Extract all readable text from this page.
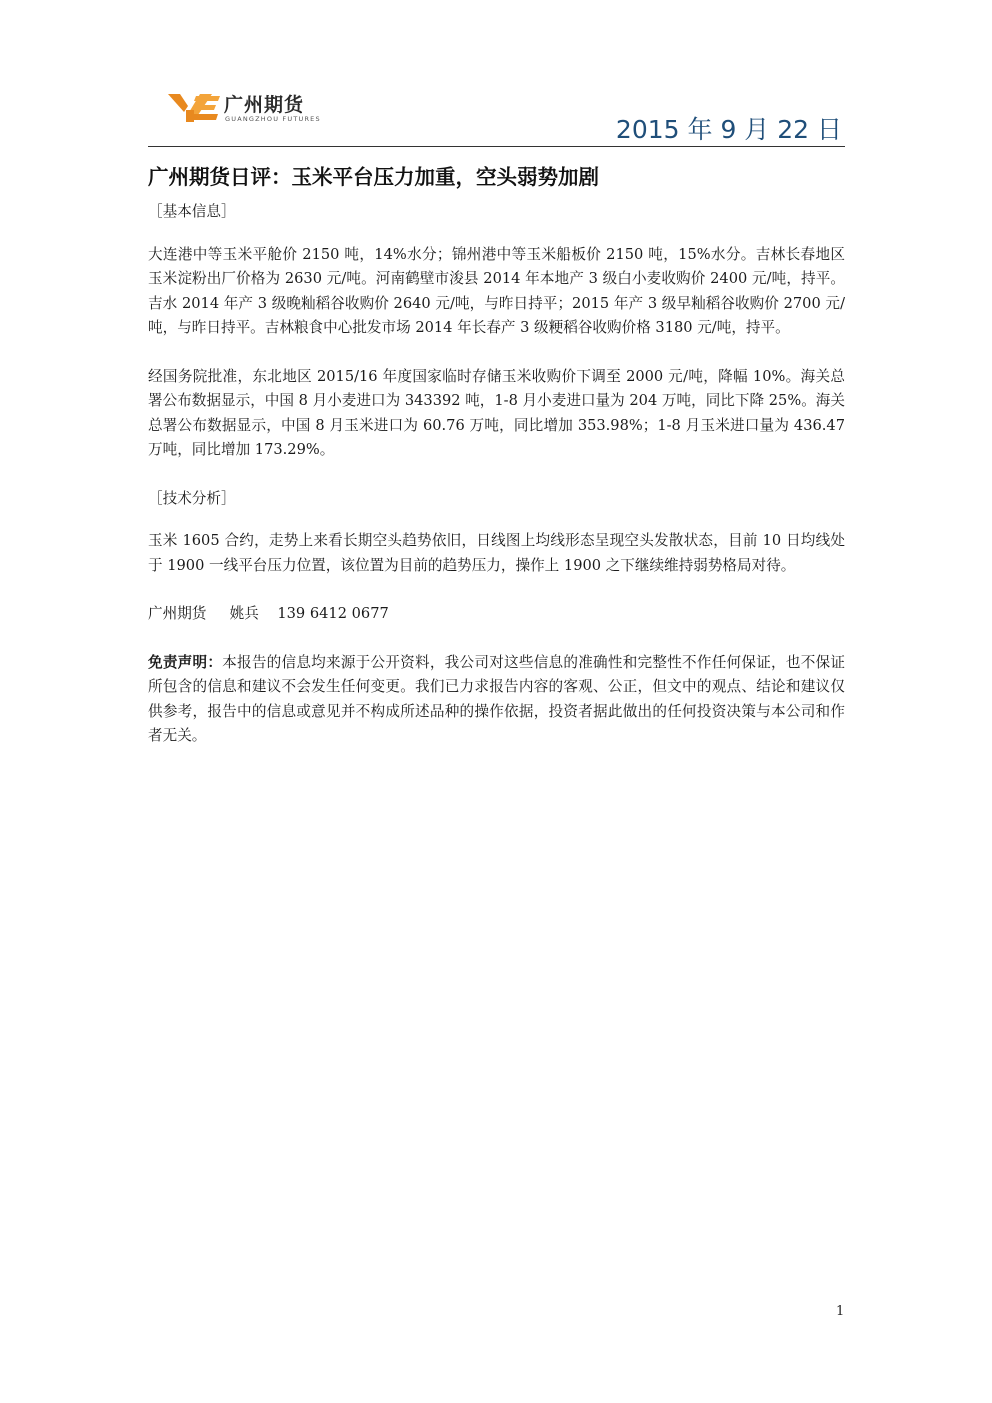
广州期货
GUANGZHOU FUTURES	2015 年 9 月 22 日
广州期货日评：玉米平台压力加重，空头弱势加剧

［基本信息］

大连港中等玉米平舱价 2150 吨，14%水分；锦州港中等玉米船板价 2150 吨，15%水分。吉林长春地区玉米淀粉出厂价格为 2630 元/吨。河南鹤壁市浚县 2014 年本地产 3 级白小麦收购价 2400 元/吨，持平。吉水 2014 年产 3 级晚籼稻谷收购价 2640 元/吨，与昨日持平；2015 年产 3 级早籼稻谷收购价 2700 元/吨，与昨日持平。吉林粮食中心批发市场 2014 年长春产 3 级粳稻谷收购价格 3180 元/吨，持平。

经国务院批准，东北地区 2015/16 年度国家临时存储玉米收购价下调至 2000 元/吨，降幅 10%。海关总署公布数据显示，中国 8 月小麦进口为 343392 吨，1-8 月小麦进口量为 204 万吨，同比下降 25%。海关总署公布数据显示，中国 8 月玉米进口为 60.76 万吨，同比增加 353.98%；1-8 月玉米进口量为 436.47 万吨，同比增加 173.29%。

［技术分析］

玉米 1605 合约，走势上来看长期空头趋势依旧，日线图上均线形态呈现空头发散状态，目前 10 日均线处于 1900 一线平台压力位置，该位置为目前的趋势压力，操作上 1900 之下继续维持弱势格局对待。

广州期货 姚兵 139 6412 0677

免责声明：本报告的信息均来源于公开资料，我公司对这些信息的准确性和完整性不作任何保证，也不保证所包含的信息和建议不会发生任何变更。我们已力求报告内容的客观、公正，但文中的观点、结论和建议仅供参考，报告中的信息或意见并不构成所述品种的操作依据，投资者据此做出的任何投资决策与本公司和作者无关。

1
